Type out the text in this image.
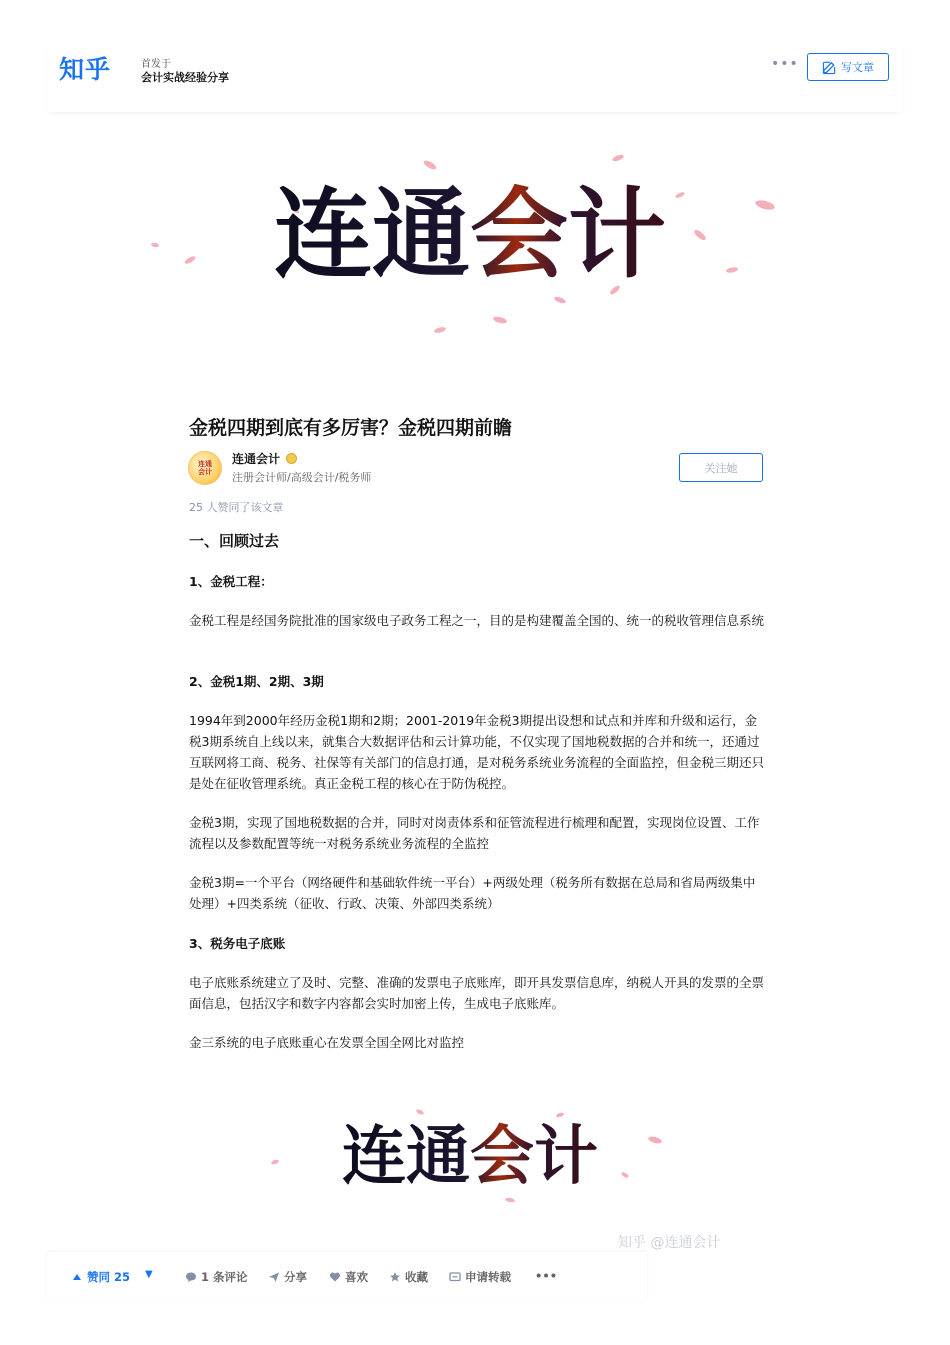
知乎	首发于
会计实战经验分享
•••	写文章
连通会计
金税四期到底有多厉害？金税四期前瞻
连通会计
连通会计
注册会计师/高级会计/税务师
关注她
25 人赞同了该文章
一、回顾过去
1、金税工程：
金税工程是经国务院批准的国家级电子政务工程之一，目的是构建覆盖全国的、统一的税收管理信息系统
2、金税1期、2期、3期
1994年到2000年经历金税1期和2期；2001-2019年金税3期提出设想和试点和并库和升级和运行，金税3期系统自上线以来，就集合大数据评估和云计算功能，不仅实现了国地税数据的合并和统一，还通过互联网将工商、税务、社保等有关部门的信息打通，是对税务系统业务流程的全面监控，但金税三期还只是处在征收管理系统。真正金税工程的核心在于防伪税控。
金税3期，实现了国地税数据的合并，同时对岗责体系和征管流程进行梳理和配置，实现岗位设置、工作流程以及参数配置等统一对税务系统业务流程的全监控
金税3期=一个平台（网络硬件和基础软件统一平台）+两级处理（税务所有数据在总局和省局两级集中处理）+四类系统（征收、行政、决策、外部四类系统）
3、税务电子底账
电子底账系统建立了及时、完整、准确的发票电子底账库，即开具发票信息库，纳税人开具的发票的全票面信息，包括汉字和数字内容都会实时加密上传，生成电子底账库。
金三系统的电子底账重心在发票全国全网比对监控
连通会计
知乎 @连通会计
赞同 25 ▼	1 条评论	分享	喜欢	收藏	申请转载 •••
